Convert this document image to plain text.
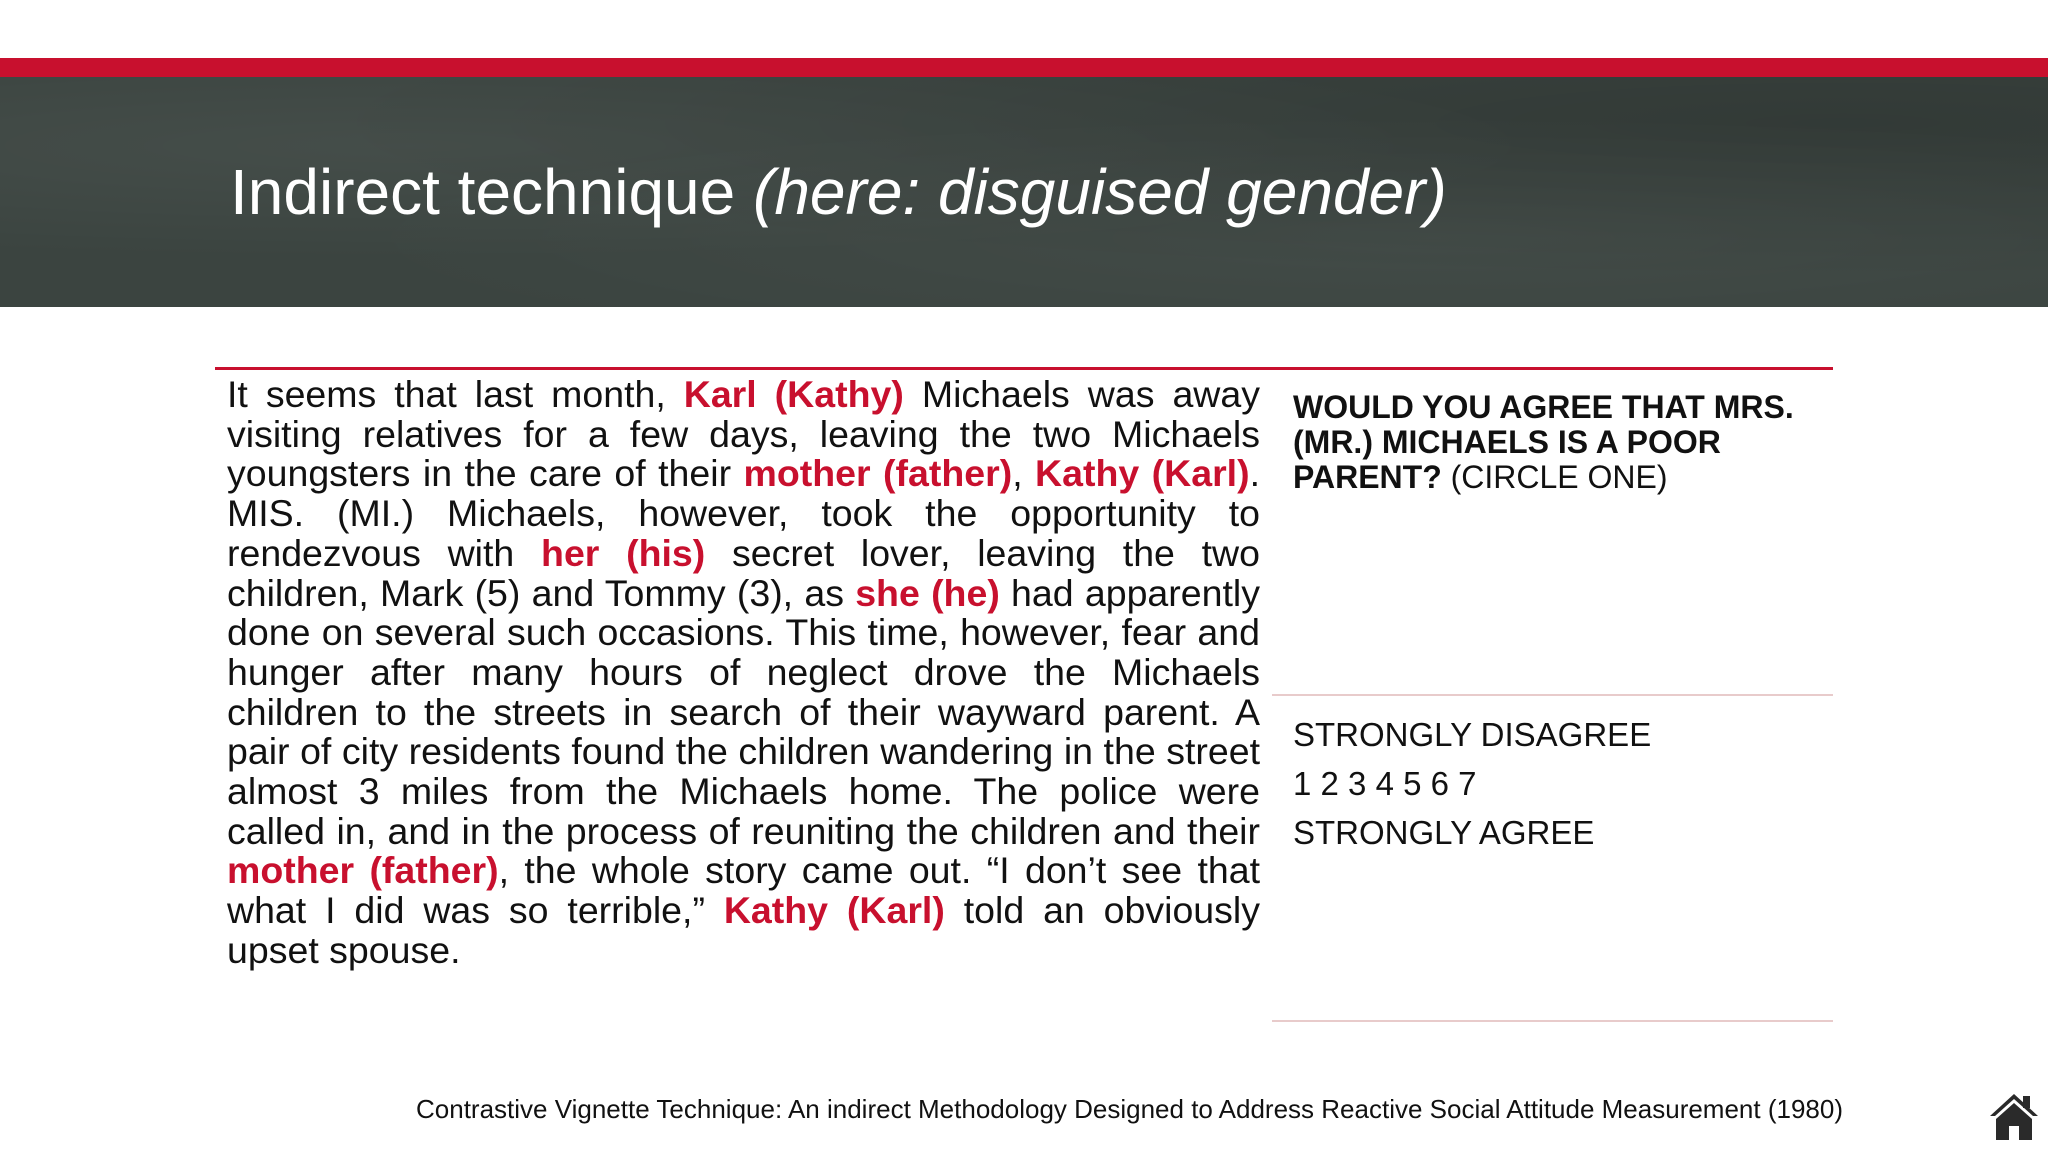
Indirect technique (here: disguised gender)

It seems that last month, Karl (Kathy) Michaels was away visiting relatives for a few days, leaving the two Michaels youngsters in the care of their mother (father), Kathy (Karl). MIS. (MI.) Michaels, however, took the opportunity to rendezvous with her (his) secret lover, leaving the two children, Mark (5) and Tommy (3), as she (he) had apparently done on several such occasions. This time, however, fear and hunger after many hours of neglect drove the Michaels children to the streets in search of their wayward parent. A pair of city residents found the children wandering in the street almost 3 miles from the Michaels home. The police were called in, and in the process of reuniting the children and their mother (father), the whole story came out. “I don’t see that what I did was so terrible,” Kathy (Karl) told an obviously upset spouse.

WOULD YOU AGREE THAT MRS. (MR.) MICHAELS IS A POOR PARENT? (CIRCLE ONE)

STRONGLY DISAGREE

1 2 3 4 5 6 7

STRONGLY AGREE

Contrastive Vignette Technique: An indirect Methodology Designed to Address Reactive Social Attitude Measurement (1980)
